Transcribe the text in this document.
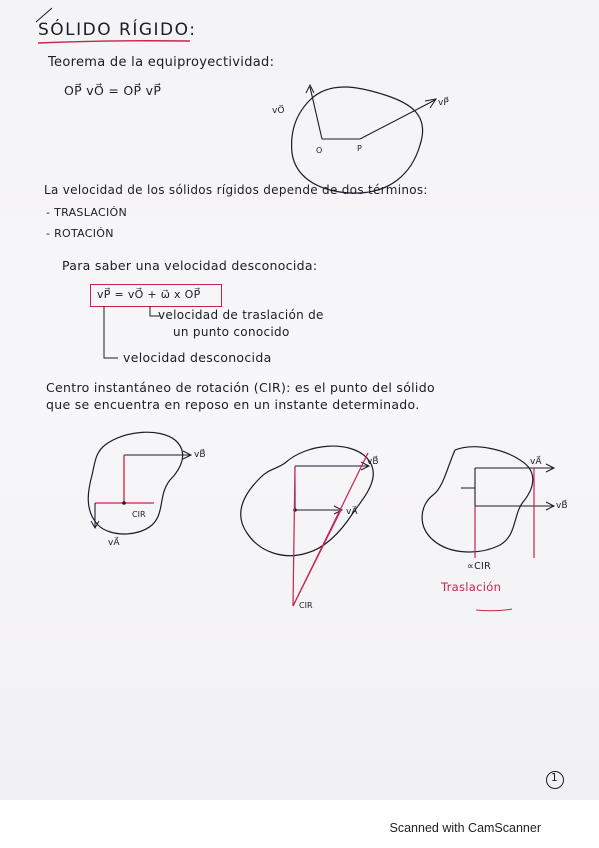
SÓLIDO RÍGIDO:
Teorema de la equiproyectividad:
OP⃗ vO⃗ = OP⃗ vP⃗
vO⃗
vP⃗
O	P
La velocidad de los sólidos rígidos depende de dos términos:
- TRASLACIÓN
- ROTACIÓN
Para saber una velocidad desconocida:
vP⃗ = vO⃗ + ω⃗ x OP⃗
velocidad de traslación de
un punto conocido
velocidad desconocida
Centro instantáneo de rotación (CIR): es el punto del sólido
que se encuentra en reposo en un instante determinado.
vB⃗
CIR
vA⃗
vB⃗
vA⃗
CIR
vA⃗
vB⃗
∝CIR
Traslación
1
Scanned with CamScanner
